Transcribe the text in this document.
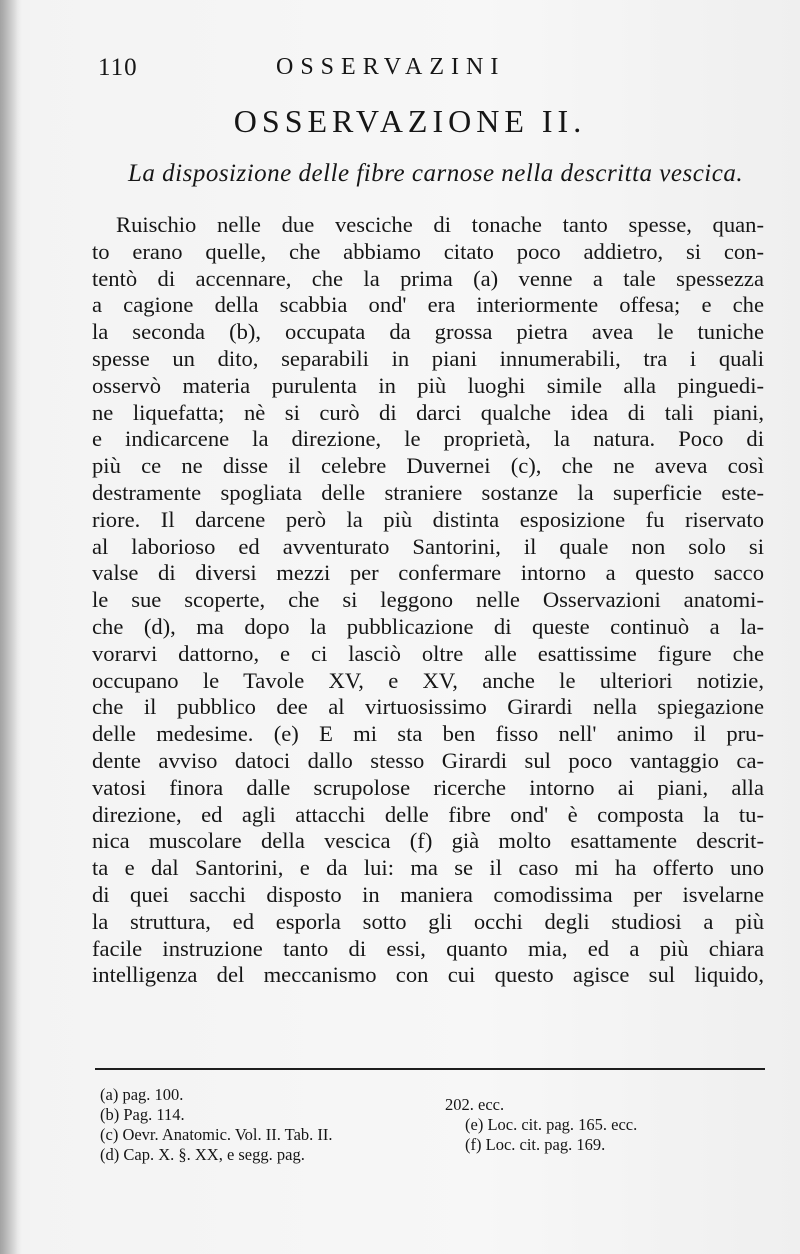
110	OSSERVAZINI
OSSERVAZIONE II.
La disposizione delle fibre carnose nella descritta vescica.
Ruischio nelle due vesciche di tonache tanto spesse, quan-
to erano quelle, che abbiamo citato poco addietro, si con-
tentò di accennare, che la prima (a) venne a tale spessezza
a cagione della scabbia ond' era interiormente offesa; e che
la seconda (b), occupata da grossa pietra avea le tuniche
spesse un dito, separabili in piani innumerabili, tra i quali
osservò materia purulenta in più luoghi simile alla pinguedi-
ne liquefatta; nè si curò di darci qualche idea di tali piani,
e indicarcene la direzione, le proprietà, la natura. Poco di
più ce ne disse il celebre Duvernei (c), che ne aveva così
destramente spogliata delle straniere sostanze la superficie este-
riore. Il darcene però la più distinta esposizione fu riservato
al laborioso ed avventurato Santorini, il quale non solo si
valse di diversi mezzi per confermare intorno a questo sacco
le sue scoperte, che si leggono nelle Osservazioni anatomi-
che (d), ma dopo la pubblicazione di queste continuò a la-
vorarvi dattorno, e ci lasciò oltre alle esattissime figure che
occupano le Tavole XV, e XV, anche le ulteriori notizie,
che il pubblico dee al virtuosissimo Girardi nella spiegazione
delle medesime. (e) E mi sta ben fisso nell' animo il pru-
dente avviso datoci dallo stesso Girardi sul poco vantaggio ca-
vatosi finora dalle scrupolose ricerche intorno ai piani, alla
direzione, ed agli attacchi delle fibre ond' è composta la tu-
nica muscolare della vescica (f) già molto esattamente descrit-
ta e dal Santorini, e da lui: ma se il caso mi ha offerto uno
di quei sacchi disposto in maniera comodissima per isvelarne
la struttura, ed esporla sotto gli occhi degli studiosi a più
facile instruzione tanto di essi, quanto mia, ed a più chiara
intelligenza del meccanismo con cui questo agisce sul liquido,
(a) pag. 100.
(b) Pag. 114.
(c) Oevr. Anatomic. Vol. II. Tab. II.
(d) Cap. X. §. XX, e segg. pag.
202. ecc.
(e) Loc. cit. pag. 165. ecc.
(f) Loc. cit. pag. 169.
